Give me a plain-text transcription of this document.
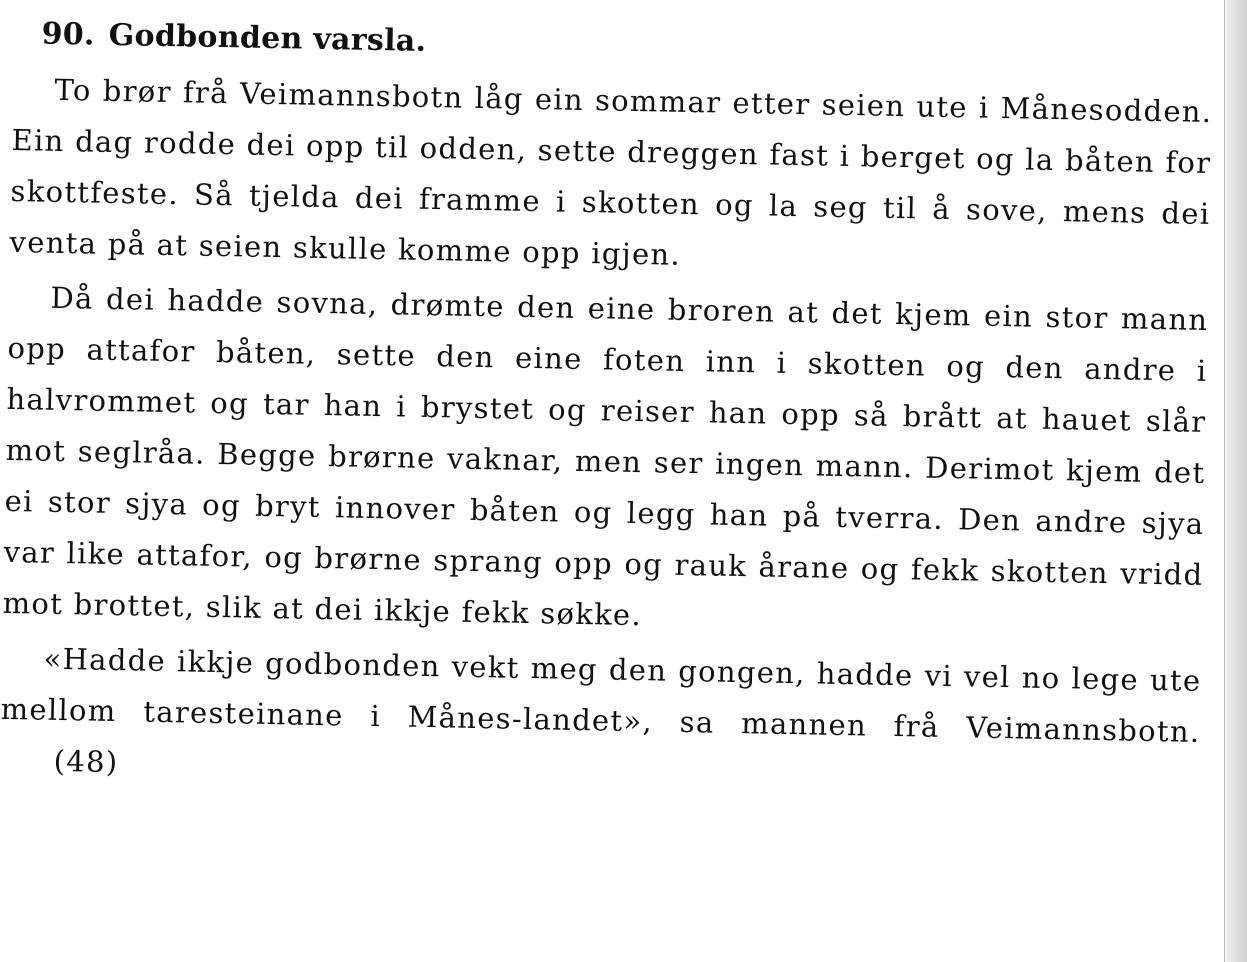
90. Godbonden varsla.

To brør frå Veimannsbotn låg ein sommar etter seien ute i Månesodden. Ein dag rodde dei opp til odden, sette dreggen fast i berget og la båten for skottfeste. Så tjelda dei framme i skotten og la seg til å sove, mens dei venta på at seien skulle komme opp igjen.

Då dei hadde sovna, drømte den eine broren at det kjem ein stor mann opp attafor båten, sette den eine foten inn i skotten og den andre i halvrommet og tar han i brystet og reiser han opp så brått at hauet slår mot seglråa. Begge brørne vaknar, men ser ingen mann. Derimot kjem det ei stor sjya og bryt innover båten og legg han på tverra. Den andre sjya var like attafor, og brørne sprang opp og rauk årane og fekk skotten vridd mot brottet, slik at dei ikkje fekk søkke.

«Hadde ikkje godbonden vekt meg den gongen, hadde vi vel no lege ute mellom taresteinane i Månes-landet», sa mannen frå Veimannsbotn.(48)
